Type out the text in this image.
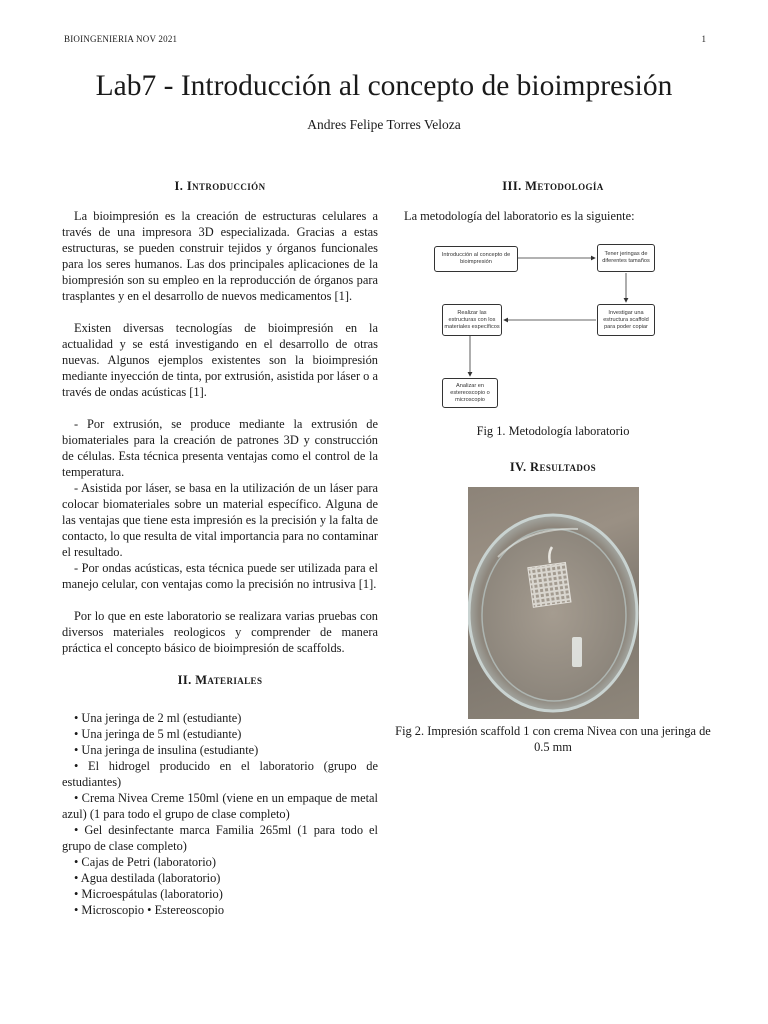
BIOINGENIERIA NOV 2021	1
Lab7 - Introducción al concepto de bioimpresión
Andres Felipe Torres Veloza
I. Introducción

La bioimpresión es la creación de estructuras celulares a través de una impresora 3D especializada. Gracias a estas estructuras, se pueden construir tejidos y órganos funcionales para los seres humanos. Las dos principales aplicaciones de la biompresión son su empleo en la reproducción de órganos para trasplantes y en el desarrollo de nuevos medicamentos [1].

Existen diversas tecnologías de bioimpresión en la actualidad y se está investigando en el desarrollo de otras nuevas. Algunos ejemplos existentes son la bioimpresión mediante inyección de tinta, por extrusión, asistida por láser o a través de ondas acústicas [1].

- Por extrusión, se produce mediante la extrusión de biomateriales para la creación de patrones 3D y construcción de células. Esta técnica presenta ventajas como el control de la temperatura.

- Asistida por láser, se basa en la utilización de un láser para colocar biomateriales sobre un material específico. Alguna de las ventajas que tiene esta impresión es la precisión y la falta de contacto, lo que resulta de vital importancia para no contaminar el resultado.

- Por ondas acústicas, esta técnica puede ser utilizada para el manejo celular, con ventajas como la precisión no intrusiva [1].

Por lo que en este laboratorio se realizara varias pruebas con diversos materiales reologicos y comprender de manera práctica el concepto básico de bioimpresión de scaffolds.

II. Materiales
• Una jeringa de 2 ml (estudiante)
• Una jeringa de 5 ml (estudiante)
• Una jeringa de insulina (estudiante)
• El hidrogel producido en el laboratorio (grupo de estudiantes)
• Crema Nivea Creme 150ml (viene en un empaque de metal azul) (1 para todo el grupo de clase completo)
• Gel desinfectante marca Familia 265ml (1 para todo el grupo de clase completo)
• Cajas de Petri (laboratorio)
• Agua destilada (laboratorio)
• Microespátulas (laboratorio)
• Microscopio • Estereoscopio
III. Metodología

La metodología del laboratorio es la siguiente:

Introducción al concepto de bioimpresión
Tener jeringas de diferentes tamaños
Investigar una estructura scaffold para poder copiar
Realizar las estructuras con los materiales específicos
Analizar en estereoscopio o microscopio

Fig 1. Metodología laboratorio

IV. Resultados

Fig 2. Impresión scaffold 1 con crema Nivea con una jeringa de 0.5 mm
